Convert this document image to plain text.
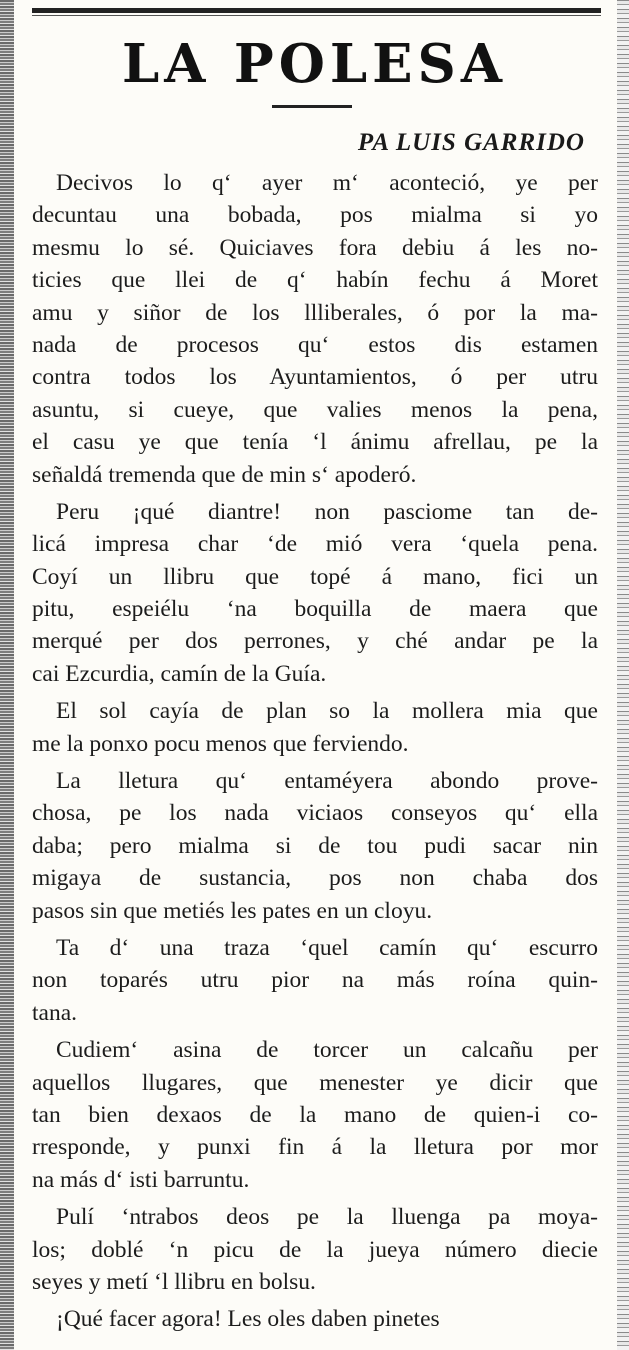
LA POLESA
PA LUIS GARRIDO
Decivos lo q‘ ayer m‘ aconteció, ye per
decuntau una bobada, pos mialma si yo
mesmu lo sé. Quiciaves fora debiu á les no-
ticies que llei de q‘ habín fechu á Moret
amu y siñor de los llliberales, ó por la ma-
nada de procesos qu‘ estos dis estamen
contra todos los Ayuntamientos, ó per utru
asuntu, si cueye, que valies menos la pena,
el casu ye que tenía ‘l ánimu afrellau, pe la
señaldá tremenda que de min s‘ apoderó.
Peru ¡qué diantre! non pasciome tan de-
licá impresa char ‘de mió vera ‘quela pena.
Coyí un llibru que topé á mano, fici un
pitu, espeiélu ‘na boquilla de maera que
merqué per dos perrones, y ché andar pe la
cai Ezcurdia, camín de la Guía.
El sol cayía de plan so la mollera mia que
me la ponxo pocu menos que ferviendo.
La lletura qu‘ entaméyera abondo prove-
chosa, pe los nada viciaos conseyos qu‘ ella
daba; pero mialma si de tou pudi sacar nin
migaya de sustancia, pos non chaba dos
pasos sin que metiés les pates en un cloyu.
Ta d‘ una traza ‘quel camín qu‘ escurro
non toparés utru pior na más roína quin-
tana.
Cudiem‘ asina de torcer un calcañu per
aquellos llugares, que menester ye dicir que
tan bien dexaos de la mano de quien-i co-
rresponde, y punxi fin á la lletura por mor
na más d‘ isti barruntu.
Pulí ‘ntrabos deos pe la lluenga pa moya-
los; doblé ‘n picu de la jueya número diecie
seyes y metí ‘l llibru en bolsu.
¡Qué facer agora! Les oles daben pinetes
